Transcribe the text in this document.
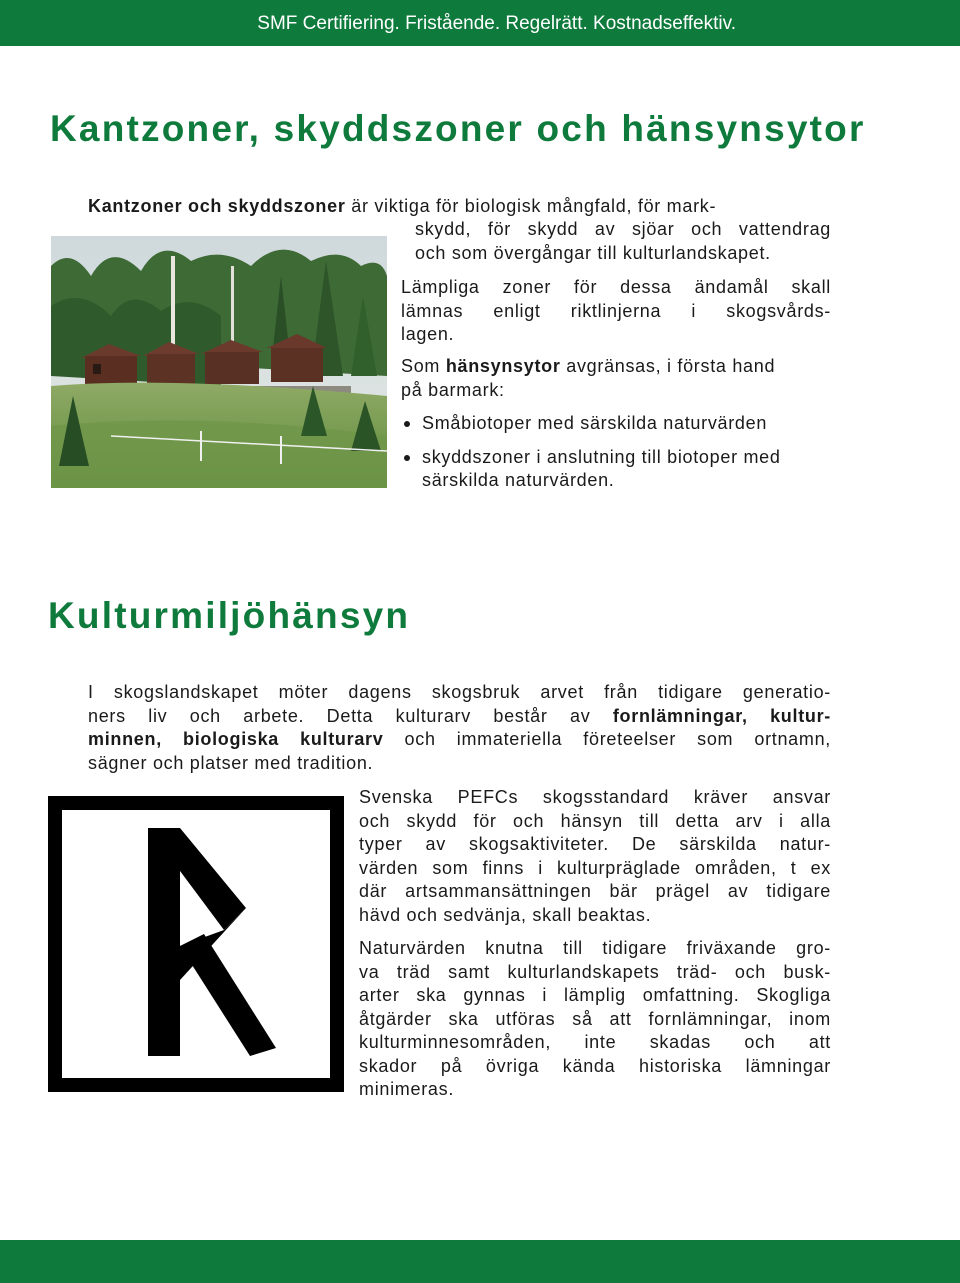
SMF Certifiering. Fristående. Regelrätt. Kostnadseffektiv.
Kantzoner, skyddszoner och hänsynsytor

Kantzoner och skyddszoner är viktiga för biologisk mångfald, för mark-

skydd, för skydd av sjöar och vattendrag
och som övergångar till kulturlandskapet.
Lämpliga zoner för dessa ändamål skall
lämnas enligt riktlinjerna i skogsvårds-
lagen.
Som hänsynsytor avgränsas, i första hand
på barmark:
Småbiotoper med särskilda naturvärden
skyddszoner i anslutning till biotoper med
särskilda naturvärden.
Kulturmiljöhänsyn
I skogslandskapet möter dagens skogsbruk arvet från tidigare generatio-
ners liv och arbete. Detta kulturarv består av fornlämningar, kultur-
minnen, biologiska kulturarv och immateriella företeelser som ortnamn,
sägner och platser med tradition.
Svenska PEFCs skogsstandard kräver ansvar
och skydd för och hänsyn till detta arv i alla
typer av skogsaktiviteter. De särskilda natur-
värden som finns i kulturpräglade områden, t ex
där artsammansättningen bär prägel av tidigare
hävd och sedvänja, skall beaktas.
Naturvärden knutna till tidigare friväxande gro-
va träd samt kulturlandskapets träd- och busk-
arter ska gynnas i lämplig omfattning. Skogliga
åtgärder ska utföras så att fornlämningar, inom
kulturminnesområden, inte skadas och att
skador på övriga kända historiska lämningar
minimeras.
